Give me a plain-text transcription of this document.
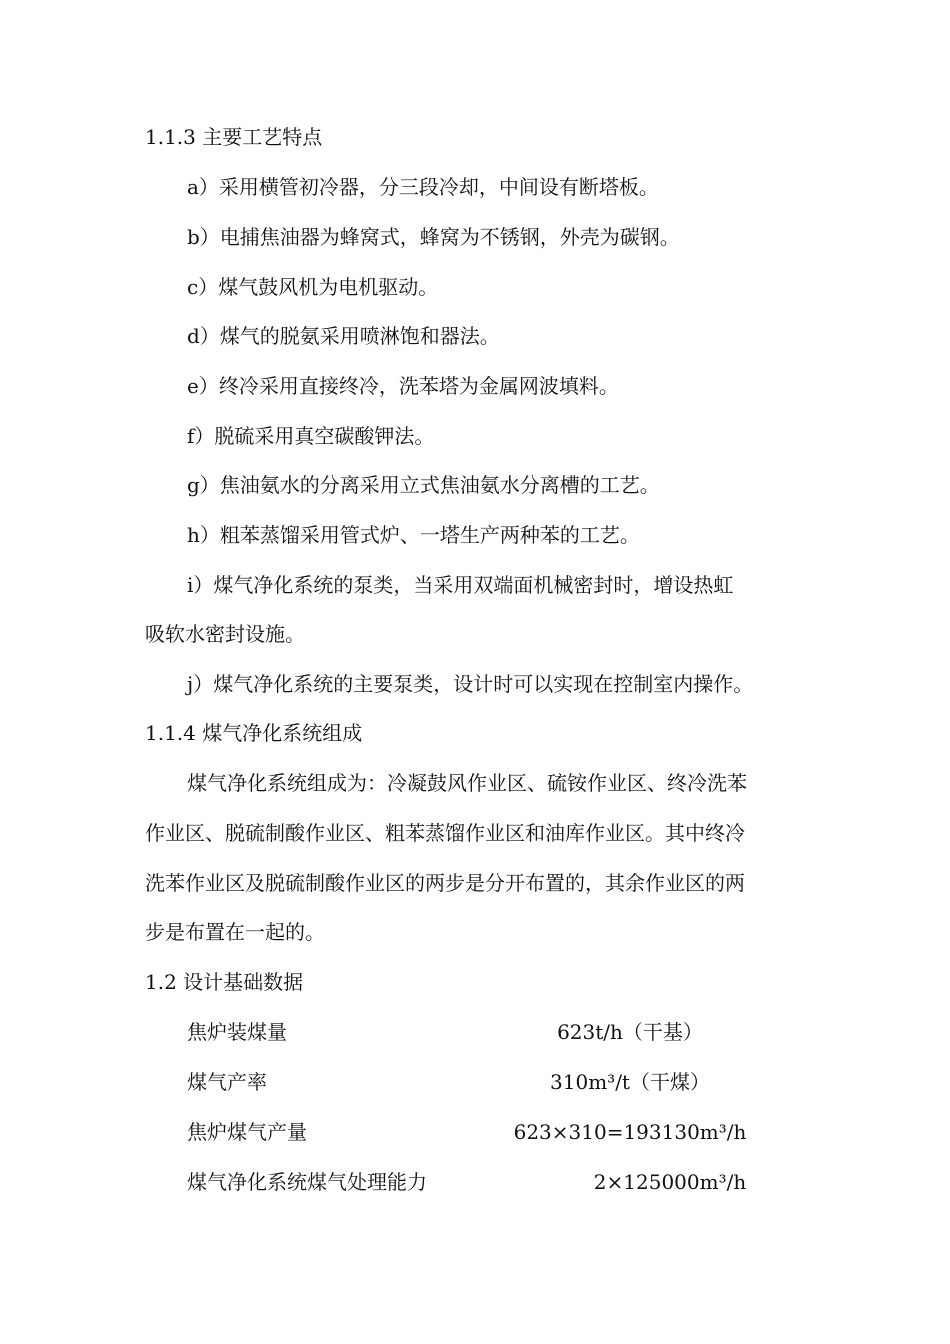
1.1.3 主要工艺特点
a）采用横管初冷器，分三段冷却，中间设有断塔板。
b）电捕焦油器为蜂窝式，蜂窝为不锈钢，外壳为碳钢。
c）煤气鼓风机为电机驱动。
d）煤气的脱氨采用喷淋饱和器法。
e）终冷采用直接终冷，洗苯塔为金属网波填料。
f）脱硫采用真空碳酸钾法。
g）焦油氨水的分离采用立式焦油氨水分离槽的工艺。
h）粗苯蒸馏采用管式炉、一塔生产两种苯的工艺。
i）煤气净化系统的泵类，当采用双端面机械密封时，增设热虹
吸软水密封设施。
j）煤气净化系统的主要泵类，设计时可以实现在控制室内操作。
1.1.4 煤气净化系统组成
煤气净化系统组成为：冷凝鼓风作业区、硫铵作业区、终冷洗苯
作业区、脱硫制酸作业区、粗苯蒸馏作业区和油库作业区。其中终冷
洗苯作业区及脱硫制酸作业区的两步是分开布置的，其余作业区的两
步是布置在一起的。
1.2 设计基础数据
焦炉装煤量	623t/h（干基）
煤气产率	310m³/t（干煤）
焦炉煤气产量	623×310=193130m³/h
煤气净化系统煤气处理能力	2×125000m³/h
